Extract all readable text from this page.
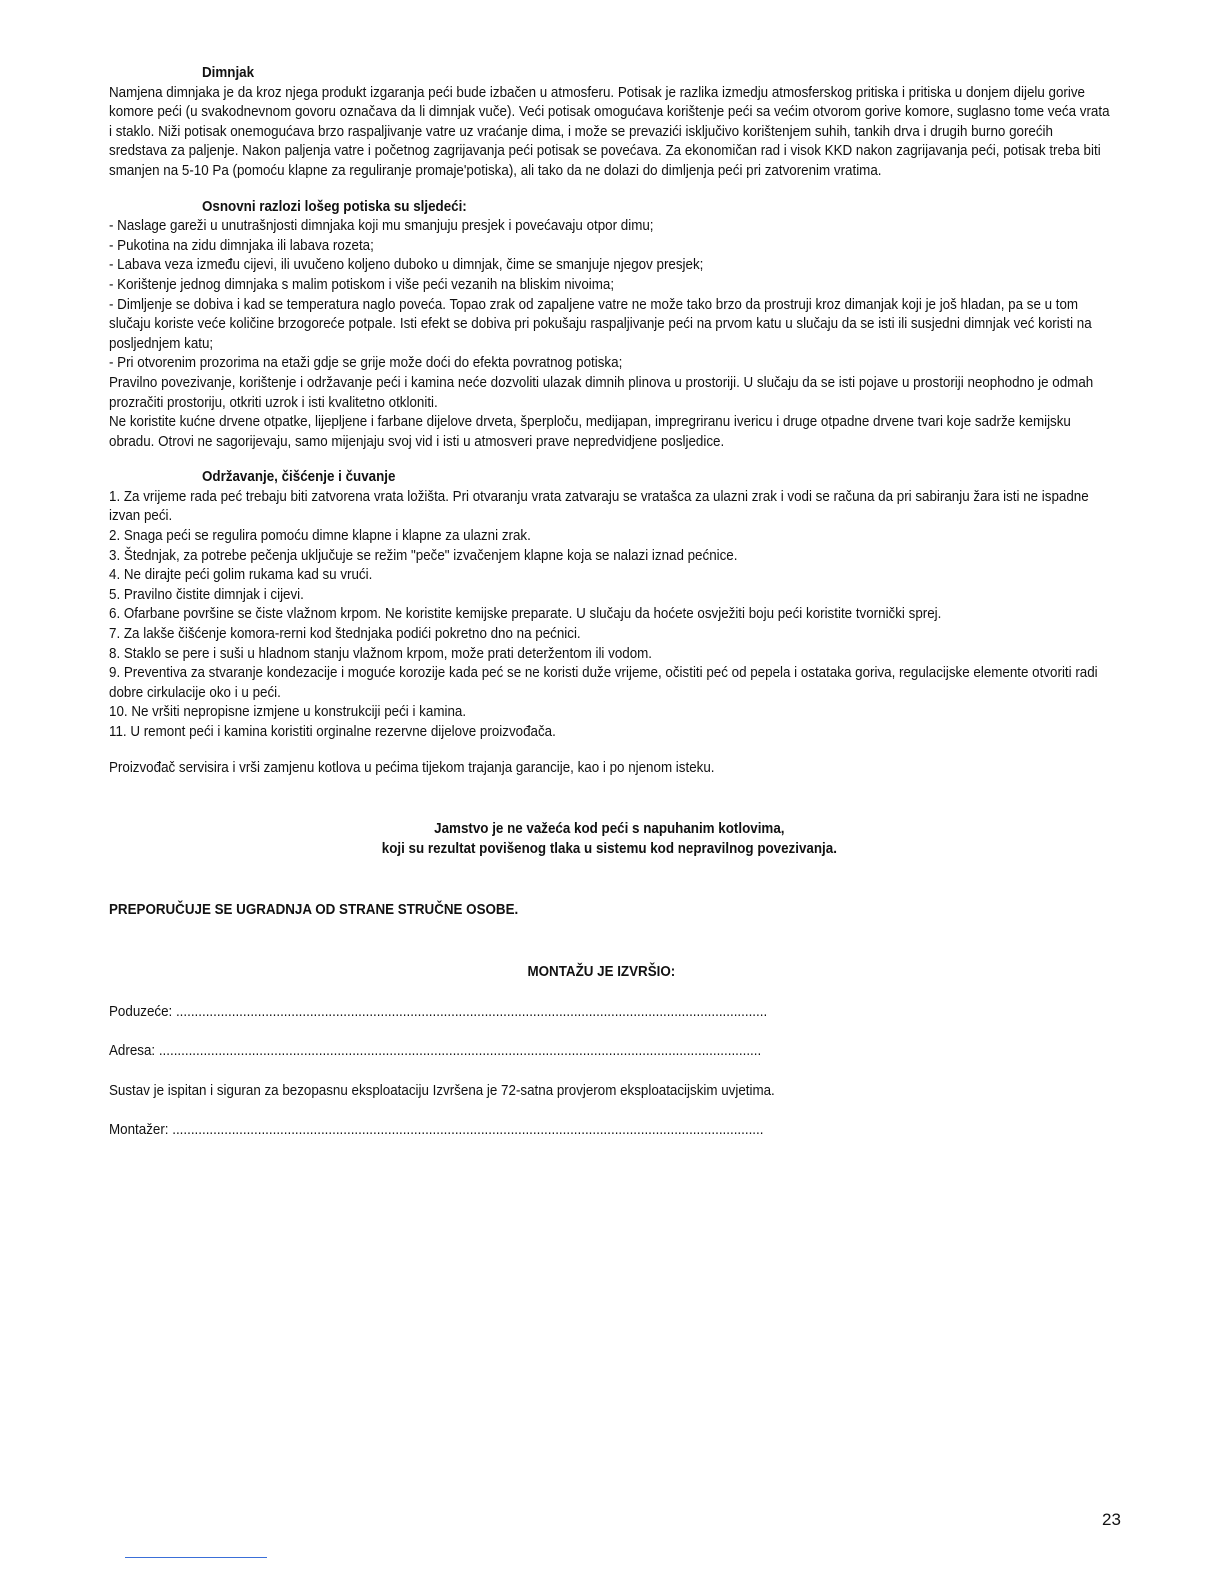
Dimnjak

Namjena dimnjaka je da kroz njega produkt izgaranja peći bude izbačen u atmosferu. Potisak je razlika izmedju atmosferskog pritiska i pritiska u donjem dijelu gorive komore peći (u svakodnevnom govoru označava da li dimnjak vuče). Veći potisak omogućava korištenje peći sa većim otvorom gorive komore, suglasno tome veća vrata i staklo. Niži potisak onemogućava brzo raspaljivanje vatre uz vraćanje dima, i može se prevazići isključivo korištenjem suhih, tankih drva i drugih burno gorećih sredstava za paljenje. Nakon paljenja vatre i početnog zagrijavanja peći potisak se povećava. Za ekonomičan rad i visok KKD nakon zagrijavanja peći, potisak treba biti smanjen na 5-10 Pa (pomoću klapne za reguliranje promaje'potiska), ali tako da ne dolazi do dimljenja peći pri zatvorenim vratima.

Osnovni razlozi lošeg potiska su sljedeći:

- Naslage gareži u unutrašnjosti dimnjaka koji mu smanjuju presjek i povećavaju otpor dimu;

- Pukotina na zidu dimnjaka ili labava rozeta;

- Labava veza između cijevi, ili uvučeno koljeno duboko u dimnjak, čime se smanjuje njegov presjek;

- Korištenje jednog dimnjaka s malim potiskom i više peći vezanih na bliskim nivoima;

- Dimljenje se dobiva i kad se temperatura naglo poveća. Topao zrak od zapaljene vatre ne može tako brzo da prostruji kroz dimanjak koji je još hladan, pa se u tom slučaju koriste veće količine brzogoreće potpale. Isti efekt se dobiva pri pokušaju raspaljivanje peći na prvom katu u slučaju da se isti ili susjedni dimnjak već koristi na posljednjem katu;

- Pri otvorenim prozorima na etaži gdje se grije može doći do efekta povratnog potiska;

Pravilno povezivanje, korištenje i održavanje peći i kamina neće dozvoliti ulazak dimnih plinova u prostoriji. U slučaju da se isti pojave u prostoriji neophodno je odmah prozračiti prostoriju, otkriti uzrok i isti kvalitetno otkloniti.

Ne koristite kućne drvene otpatke, lijepljene i farbane dijelove drveta, šperploču, medijapan, impregriranu ivericu i druge otpadne drvene tvari koje sadrže kemijsku obradu. Otrovi ne sagorijevaju, samo mijenjaju svoj vid i isti u atmosveri prave nepredvidjene posljedice.

Održavanje, čišćenje i čuvanje

1. Za vrijeme rada peć trebaju biti zatvorena vrata ložišta. Pri otvaranju vrata zatvaraju se vratašca za ulazni zrak i vodi se računa da pri sabiranju žara isti ne ispadne izvan peći.

2. Snaga peći se regulira pomoću dimne klapne i klapne za ulazni zrak.

3. Štednjak, za potrebe pečenja uključuje se režim "peče" izvačenjem klapne koja se nalazi iznad pećnice.

4. Ne dirajte peći golim rukama kad su vrući.

5. Pravilno čistite dimnjak i cijevi.

6. Ofarbane površine se čiste vlažnom krpom. Ne koristite kemijske preparate. U slučaju da hoćete osvježiti boju peći koristite tvornički sprej.

7. Za lakše čišćenje komora-rerni kod štednjaka podići pokretno dno na pećnici.

8. Staklo se pere i suši u hladnom stanju vlažnom krpom, može prati deteržentom ili vodom.

9. Preventiva za stvaranje kondezacije i moguće korozije kada peć se ne koristi duže vrijeme, očistiti peć od pepela i ostataka goriva, regulacijske elemente otvoriti radi dobre cirkulacije oko i u peći.

10. Ne vršiti nepropisne izmjene u konstrukciji peći i kamina.

11. U remont peći i kamina koristiti orginalne rezervne dijelove proizvođača.

Proizvođač servisira i vrši zamjenu kotlova u pećima tijekom trajanja garancije, kao i po njenom isteku.

Jamstvo je ne važeća kod peći s napuhanim kotlovima,

koji su rezultat povišenog tlaka u sistemu kod nepravilnog povezivanja.

PREPORUČUJE SE UGRADNJA OD STRANE STRUČNE OSOBE.

MONTAŽU JE IZVRŠIO:

Poduzeće: ...............................................................................................................................................................

Adresa: ..................................................................................................................................................................

Sustav je ispitan i siguran za bezopasnu eksploataciju Izvršena je 72-satna provjerom eksploatacijskim uvjetima.

Montažer: ...............................................................................................................................................................

23
